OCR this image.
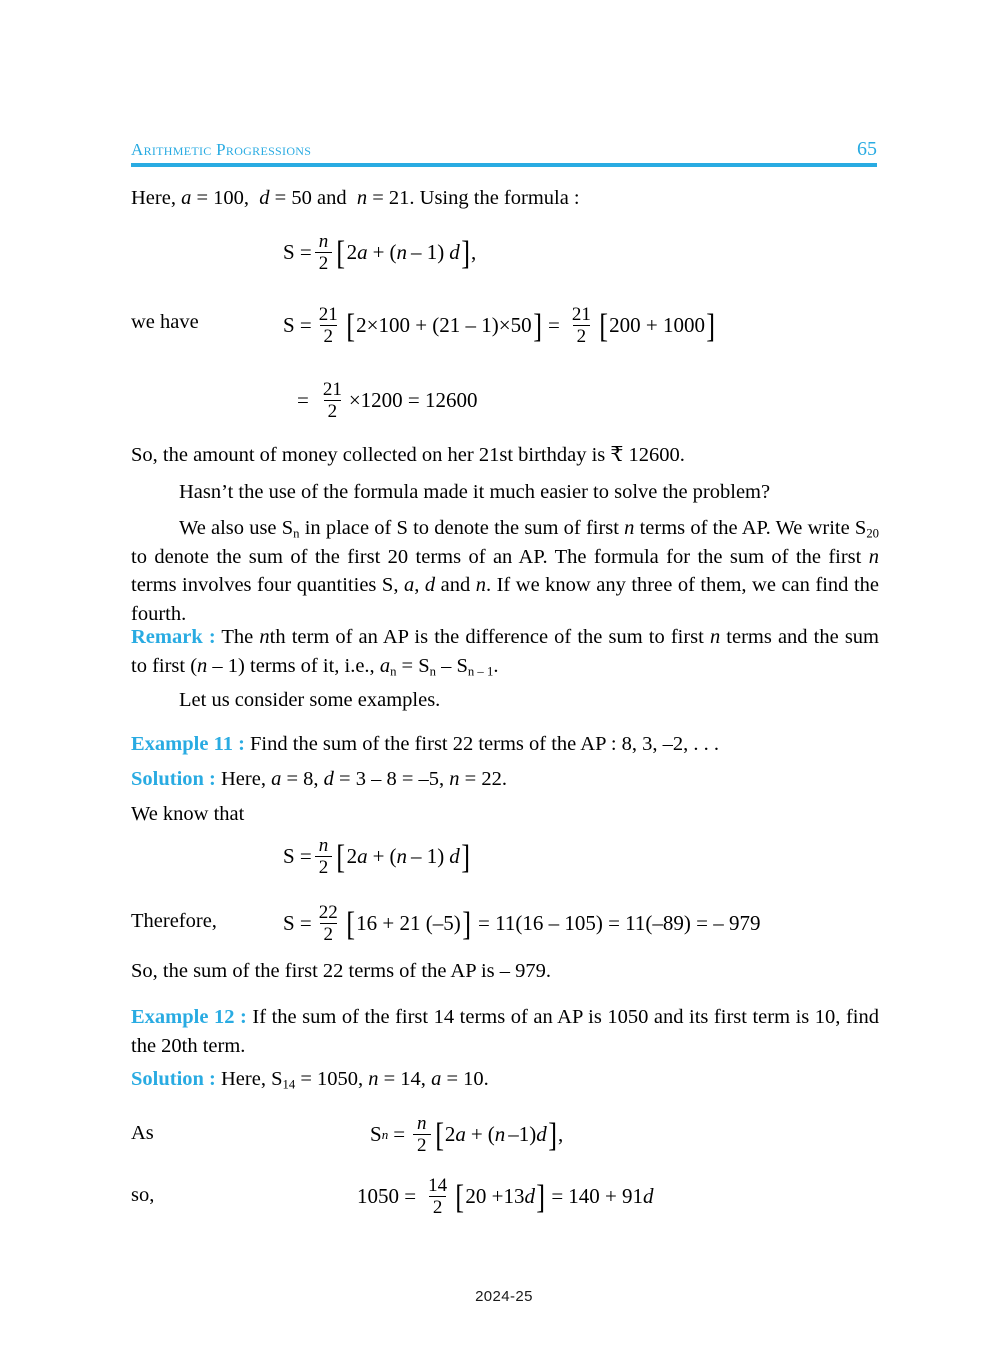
Arithmetic Progressions	65
Here, a = 100, d = 50 and n = 21. Using the formula :
$S = \frac{n}{2}$ [ 2 a + ( n – 1) d ] ,
we have	$S = \frac{21}{2}$ [ 2×100 + (21 – 1)×50 ] = $\frac{21}{2}$ [ 200 + 1000 ]
= $\frac{21}{2} \times 1200 = 12600$
So, the amount of money collected on her 21st birthday is ₹ 12600.
Hasn’t the use of the formula made it much easier to solve the problem?
We also use $S_n$ in place of S to denote the sum of first n terms of the AP. We write $S_{20}$ to denote the sum of the first 20 terms of an AP. The formula for the sum of the first n terms involves four quantities S, a, d and n. If we know any three of them, we can find the fourth.
Remark : The nth term of an AP is the difference of the sum to first n terms and the sum to first (n – 1) terms of it, i.e., $a_n = S_n - S_{n - 1}$.
Let us consider some examples.
Example 11 : Find the sum of the first 22 terms of the AP : 8, 3, –2, . . .
Solution : Here, a = 8, d = 3 – 8 = –5, n = 22.
We know that
$S = \frac{n}{2}$ [ 2 a + ( n – 1) d ]
Therefore,	$S = \frac{22}{2}$ [ 16 + 21 (–5) ] = 11(16 – 105) = 11(–89) = – 979
So, the sum of the first 22 terms of the AP is – 979.
Example 12 : If the sum of the first 14 terms of an AP is 1050 and its first term is 10, find the 20th term.
Solution : Here, $S_{14} = 1050$, n = 14, a = 10.
As	S $n = \frac{n}{2}$ [ 2 a + ( n –1) d ] ,
so,	$1050 = \frac{14}{2}$ [ 20 +13 d ] = 140 + 91 d
2024-25
